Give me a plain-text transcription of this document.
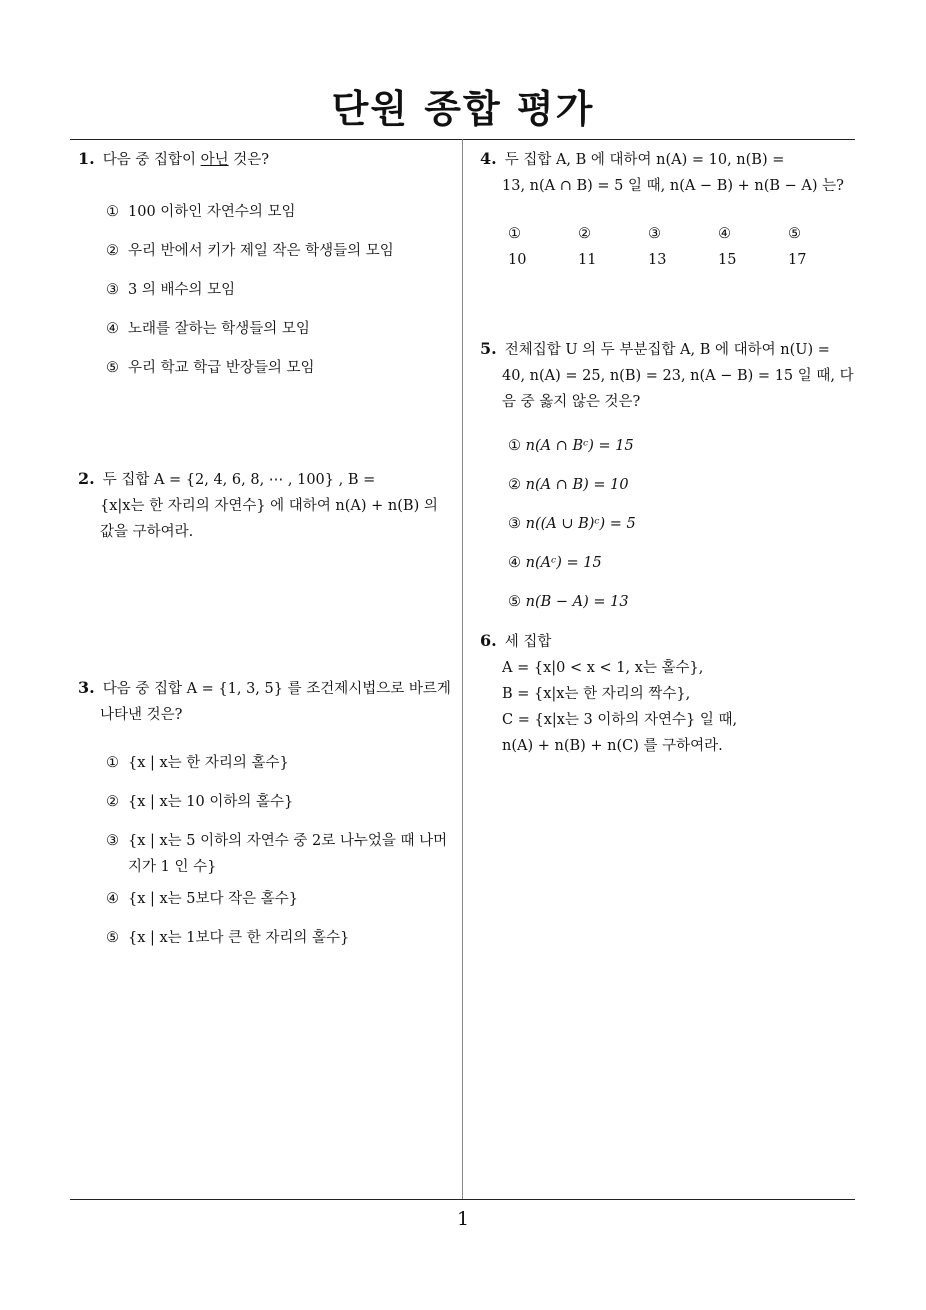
단원 종합 평가
1. 다음 중 집합이 아닌 것은?
① 100 이하인 자연수의 모임
② 우리 반에서 키가 제일 작은 학생들의 모임
③ 3 의 배수의 모임
④ 노래를 잘하는 학생들의 모임
⑤ 우리 학교 학급 반장들의 모임
2. 두 집합 A = {2, 4, 6, 8, ⋯ , 100} , B =
{x|x는 한 자리의 자연수} 에 대하여 n(A) + n(B) 의
값을 구하여라.
3. 다음 중 집합 A = {1, 3, 5} 를 조건제시법으로 바르게
나타낸 것은?
① {x | x는 한 자리의 홀수}
② {x | x는 10 이하의 홀수}
③ {x | x는 5 이하의 자연수 중 2로 나누었을 때 나머지가 1 인 수}
④ {x | x는 5보다 작은 홀수}
⑤ {x | x는 1보다 큰 한 자리의 홀수}
4. 두 집합 A, B 에 대하여 n(A) = 10, n(B) =
13, n(A ∩ B) = 5 일 때, n(A − B) + n(B − A) 는?
① 10
② 11
③ 13
④ 15
⑤ 17
5. 전체집합 U 의 두 부분집합 A, B 에 대하여 n(U) =
40, n(A) = 25, n(B) = 23, n(A − B) = 15 일 때, 다
음 중 옳지 않은 것은?
① n(A ∩ Bᶜ) = 15② n(A ∩ B) = 10 ③ n((A ∪ B)ᶜ) = 5④ n(Aᶜ) = 15 ⑤ n(B − A) = 13
6. 세 집합
A = {x|0 < x < 1, x는 홀수},
B = {x|x는 한 자리의 짝수},
C = {x|x는 3 이하의 자연수} 일 때,
n(A) + n(B) + n(C) 를 구하여라.
1
